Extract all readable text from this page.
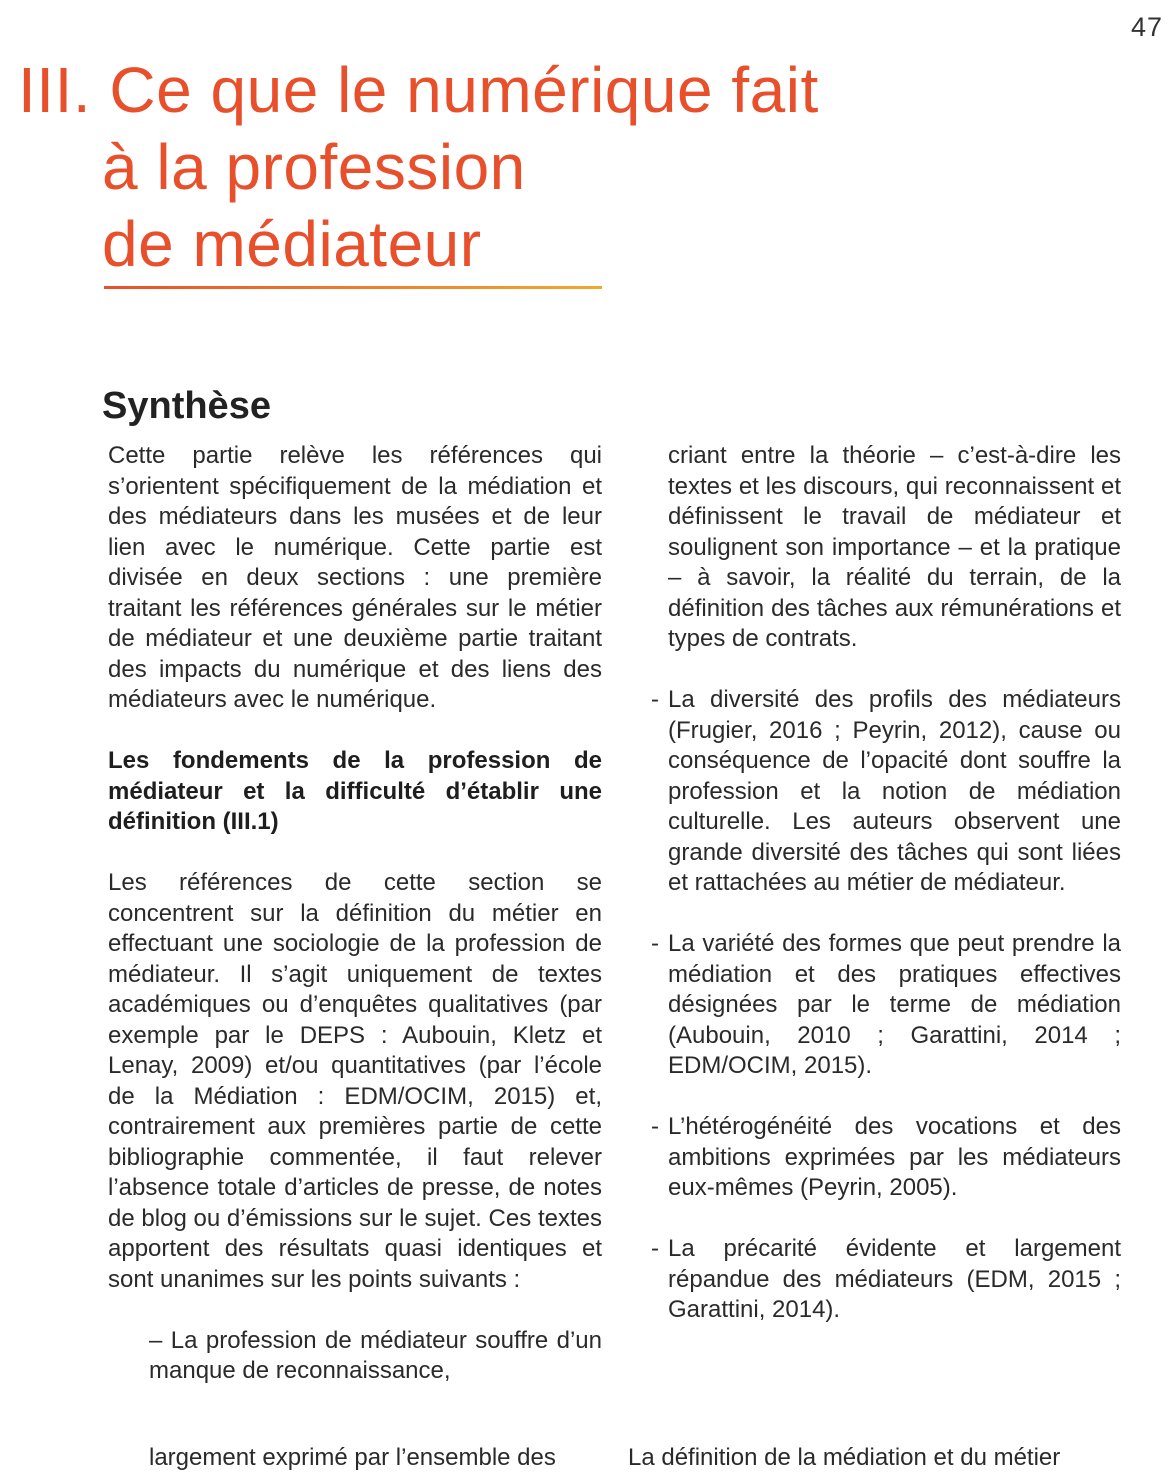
47
III. Ce que le numérique fait
à la profession
de médiateur
Synthèse

Cette partie relève les références qui s’orientent spécifiquement de la médiation et des médiateurs dans les musées et de leur lien avec le numérique. Cette partie est divisée en deux sections : une première traitant les références générales sur le métier de médiateur et une deuxième partie traitant des impacts du numérique et des liens des médiateurs avec le numérique.

Les fondements de la profession de médiateur et la difficulté d’établir une définition (III.1)

Les références de cette section se concentrent sur la définition du métier en effectuant une sociologie de la profession de médiateur. Il s’agit uniquement de textes académiques ou d’enquêtes qualitatives (par exemple par le DEPS : Aubouin, Kletz et Lenay, 2009) et/ou quantitatives (par l’école de la Médiation : EDM/OCIM, 2015) et, contrairement aux premières partie de cette bibliographie commentée, il faut relever l’absence totale d’articles de presse, de notes de blog ou d’émissions sur le sujet. Ces textes apportent des résultats quasi identiques et sont unanimes sur les points suivants :

– La profession de médiateur souffre d’un manque de reconnaissance,

largement exprimé par l’ensemble des

criant entre la théorie – c’est-à-dire les textes et les discours, qui reconnaissent et définissent le travail de médiateur et soulignent son importance – et la pratique – à savoir, la réalité du terrain, de la définition des tâches aux rémunérations et types de contrats.

- La diversité des profils des médiateurs (Frugier, 2016 ; Peyrin, 2012), cause ou conséquence de l’opacité dont souffre la profession et la notion de médiation culturelle. Les auteurs observent une grande diversité des tâches qui sont liées et rattachées au métier de médiateur.

- La variété des formes que peut prendre la médiation et des pratiques effectives désignées par le terme de médiation (Aubouin, 2010 ; Garattini, 2014 ; EDM/OCIM, 2015).

- L’hétérogénéité des vocations et des ambitions exprimées par les médiateurs eux-mêmes (Peyrin, 2005).

- La précarité évidente et largement répandue des médiateurs (EDM, 2015 ; Garattini, 2014).

La définition de la médiation et du métier
